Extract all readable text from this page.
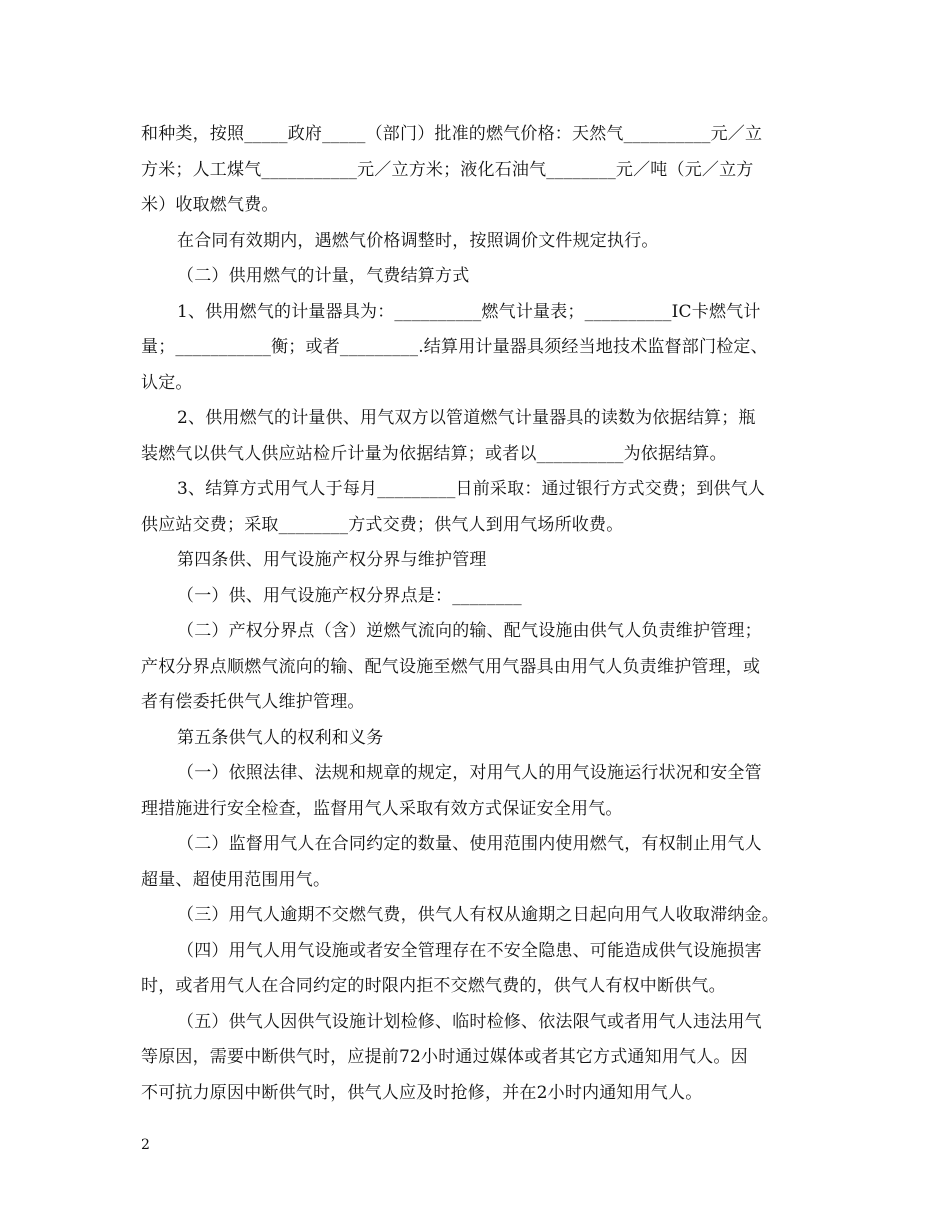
和种类，按照_____政府_____（部门）批准的燃气价格：天然气__________元／立
方米；人工煤气___________元／立方米；液化石油气________元／吨（元／立方
米）收取燃气费。
在合同有效期内，遇燃气价格调整时，按照调价文件规定执行。
（二）供用燃气的计量，气费结算方式
1、供用燃气的计量器具为：__________燃气计量表；__________IC卡燃气计
量；___________衡；或者_________.结算用计量器具须经当地技术监督部门检定、
认定。
2、供用燃气的计量供、用气双方以管道燃气计量器具的读数为依据结算；瓶
装燃气以供气人供应站检斤计量为依据结算；或者以__________为依据结算。
3、结算方式用气人于每月_________日前采取：通过银行方式交费；到供气人
供应站交费；采取________方式交费；供气人到用气场所收费。
第四条供、用气设施产权分界与维护管理
（一）供、用气设施产权分界点是：________
（二）产权分界点（含）逆燃气流向的输、配气设施由供气人负责维护管理；
产权分界点顺燃气流向的输、配气设施至燃气用气器具由用气人负责维护管理，或
者有偿委托供气人维护管理。
第五条供气人的权利和义务
（一）依照法律、法规和规章的规定，对用气人的用气设施运行状况和安全管
理措施进行安全检查，监督用气人采取有效方式保证安全用气。
（二）监督用气人在合同约定的数量、使用范围内使用燃气，有权制止用气人
超量、超使用范围用气。
（三）用气人逾期不交燃气费，供气人有权从逾期之日起向用气人收取滞纳金。
（四）用气人用气设施或者安全管理存在不安全隐患、可能造成供气设施损害
时，或者用气人在合同约定的时限内拒不交燃气费的，供气人有权中断供气。
（五）供气人因供气设施计划检修、临时检修、依法限气或者用气人违法用气
等原因，需要中断供气时，应提前72小时通过媒体或者其它方式通知用气人。因
不可抗力原因中断供气时，供气人应及时抢修，并在2小时内通知用气人。
2
